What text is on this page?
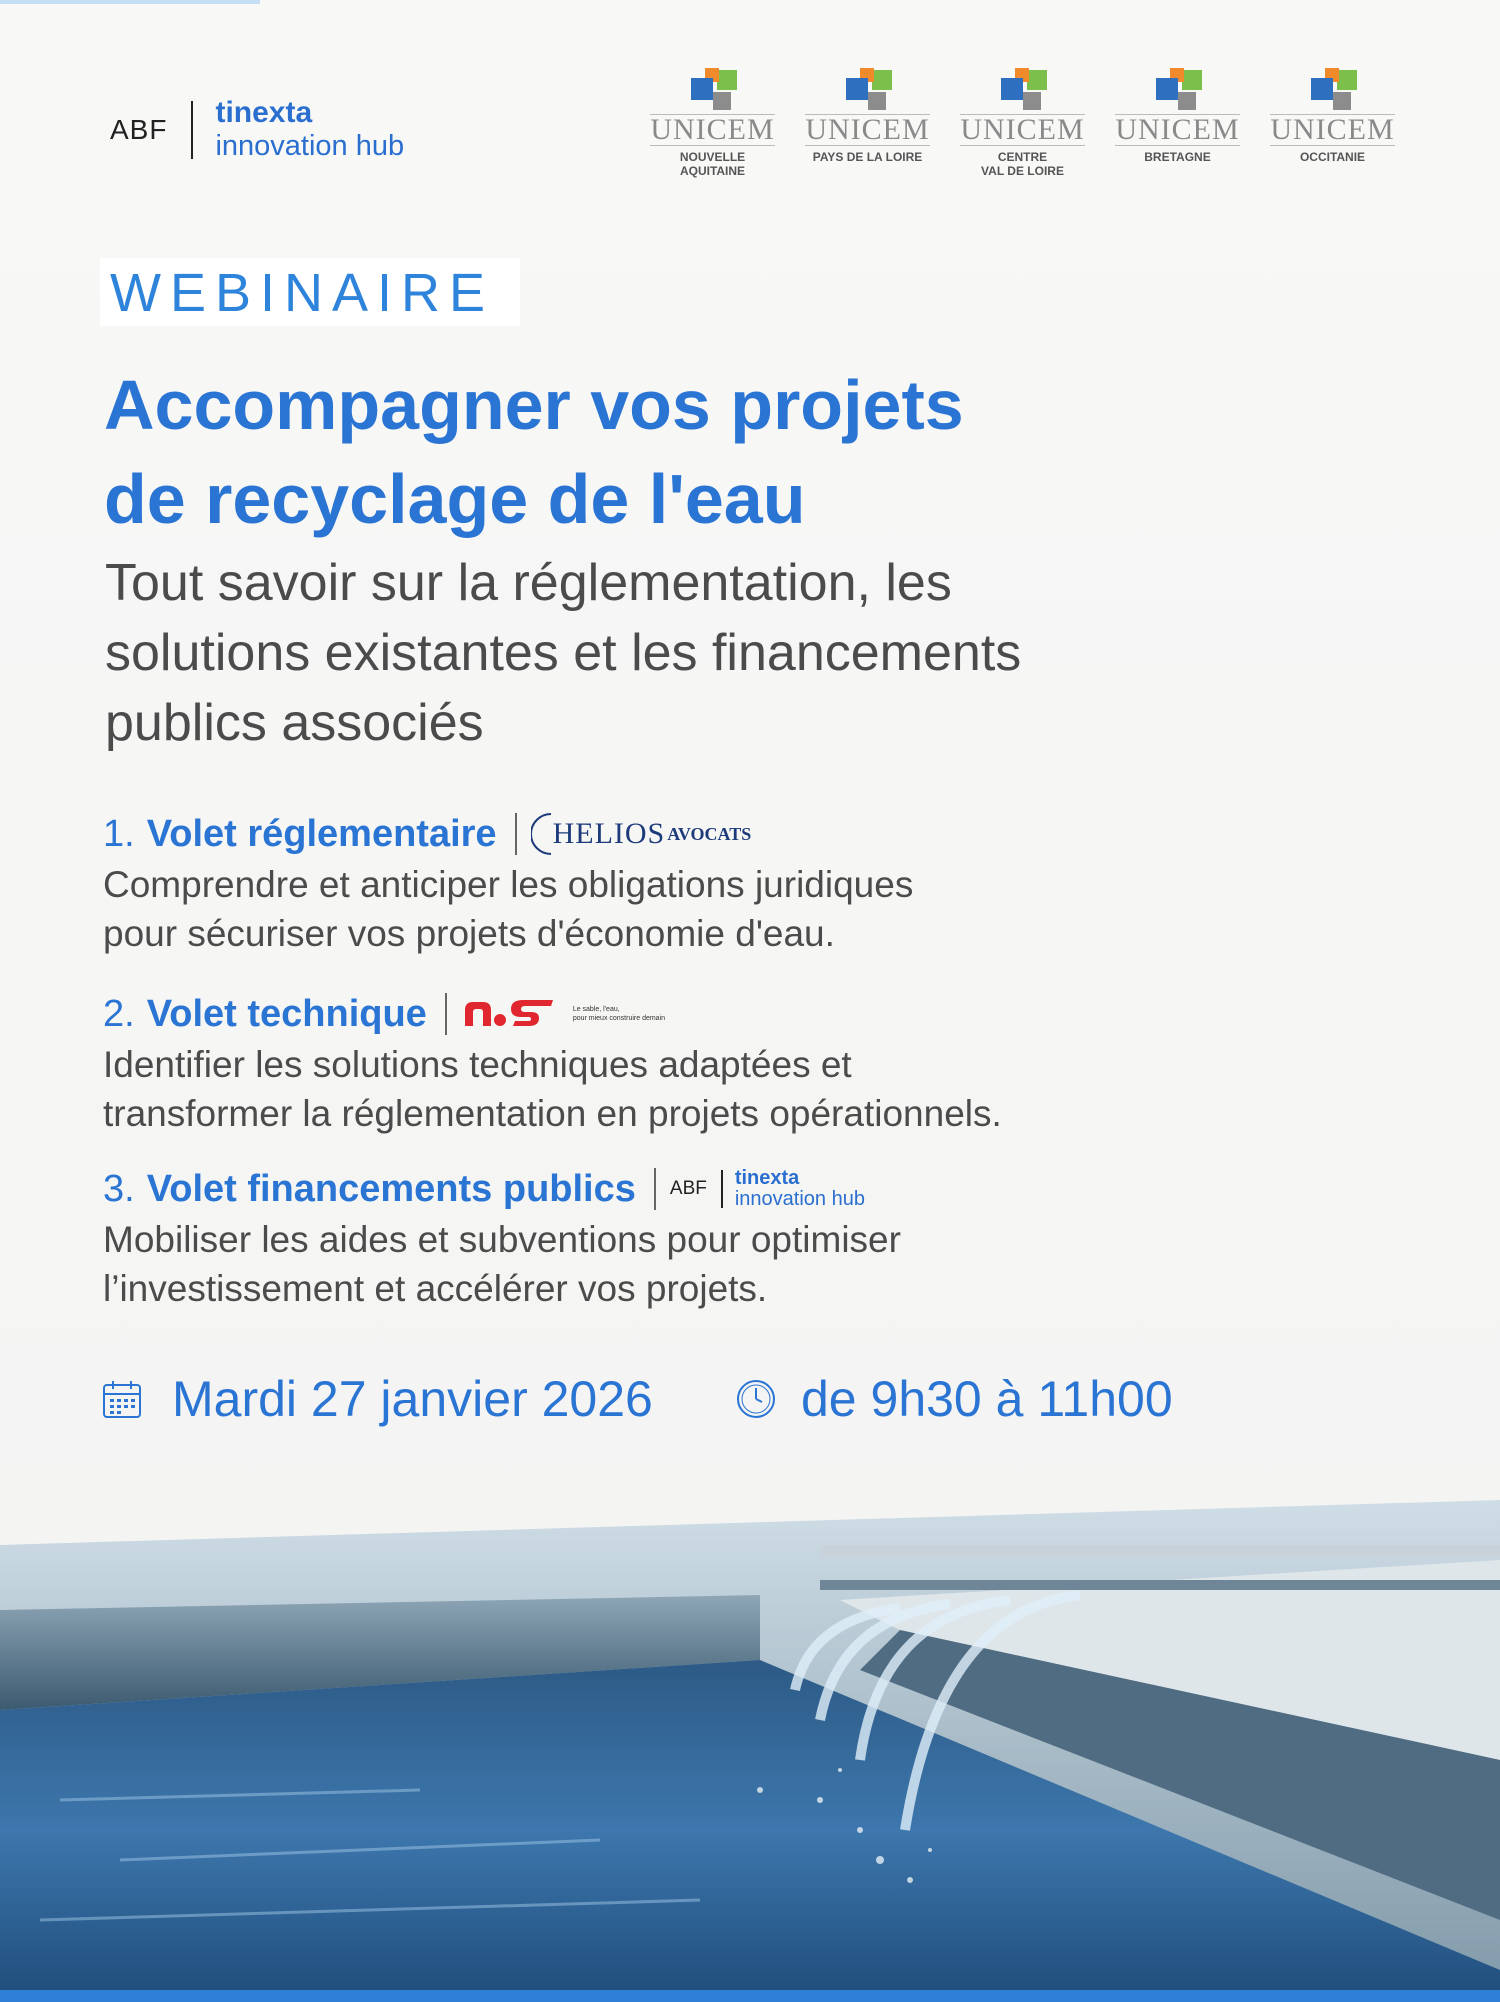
ABF tinexta
innovation hub	UNICEM
NOUVELLE
AQUITAINE
UNICEM
PAYS DE LA LOIRE
UNICEM
CENTRE
VAL DE LOIRE
UNICEM
BRETAGNE
UNICEM
OCCITANIE
WEBINAIRE
Accompagner vos projets
de recyclage de l'eau
Tout savoir sur la réglementation, les
solutions existantes et les financements
publics associés
1. Volet réglementaire HELIOS AVOCATS
Comprendre et anticiper les obligations juridiques
pour sécuriser vos projets d'économie d'eau.
2. Volet technique	Le sable, l'eau,
pour mieux construire demain
Identifier les solutions techniques adaptées et
transformer la réglementation en projets opérationnels.
3. Volet financements publics ABF tinexta
innovation hub
Mobiliser les aides et subventions pour optimiser
l’investissement et accélérer vos projets.
Mardi 27 janvier 2026	de 9h30 à 11h00
